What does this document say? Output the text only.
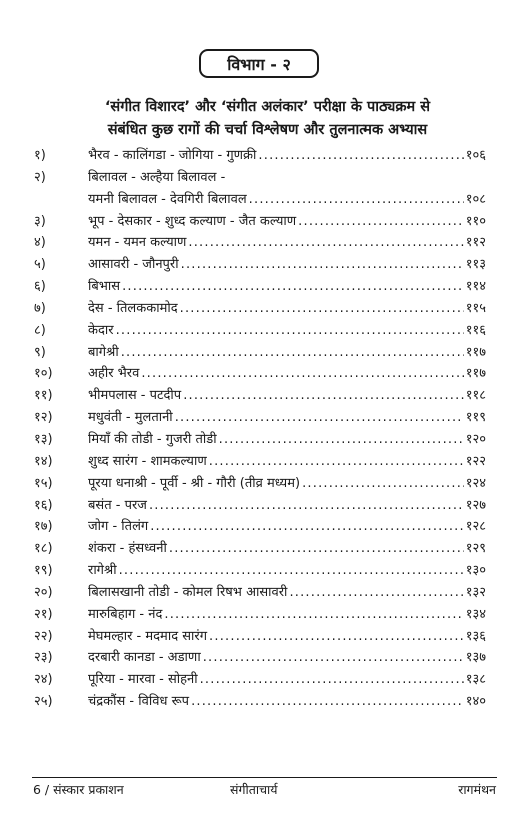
विभाग - २
‘संगीत विशारद’ और ‘संगीत अलंकार’ परीक्षा के पाठ्यक्रम से
संबंधित कुछ रागों की चर्चा विश्लेषण और तुलनात्मक अभ्यास
१)	भैरव - कालिंगडा - जोगिया - गुणक्री .....	१०६
२)	बिलावल - अल्हैया बिलावल -
यमनी बिलावल - देवगिरी बिलावल .....	१०८
३)	भूप - देसकार - शुध्द कल्याण - जैत कल्याण .....	११०
४)	यमन - यमन कल्याण .....	११२
५)	आसावरी - जौनपुरी .....	११३
६)	बिभास .....	११४
७)	देस - तिलककामोद .....	११५
८)	केदार .....	११६
९)	बागेश्री .....	११७
१०)	अहीर भैरव .....	११७
११)	भीमपलास - पटदीप .....	११८
१२)	मधुवंती - मुलतानी .....	११९
१३)	मियाँ की तोडी - गुजरी तोडी .....	१२०
१४)	शुध्द सारंग - शामकल्याण .....	१२२
१५)	पूरया धनाश्री - पूर्वी - श्री - गौरी (तीव्र मध्यम) .....	१२४
१६)	बसंत - परज .....	१२७
१७)	जोग - तिलंग .....	१२८
१८)	शंकरा - हंसध्वनी .....	१२९
१९)	रागेश्री .....	१३०
२०)	बिलासखानी तोडी - कोमल रिषभ आसावरी .....	१३२
२१)	मारुबिहाग - नंद .....	१३४
२२)	मेघमल्हार - मदमाद सारंग .....	१३६
२३)	दरबारी कानडा - अडाणा .....	१३७
२४)	पूरिया - मारवा - सोहनी .....	१३८
२५)	चंद्रकौंस - विविध रूप .....	१४०
6 / संस्कार प्रकाशन	संगीताचार्य	रागमंथन
